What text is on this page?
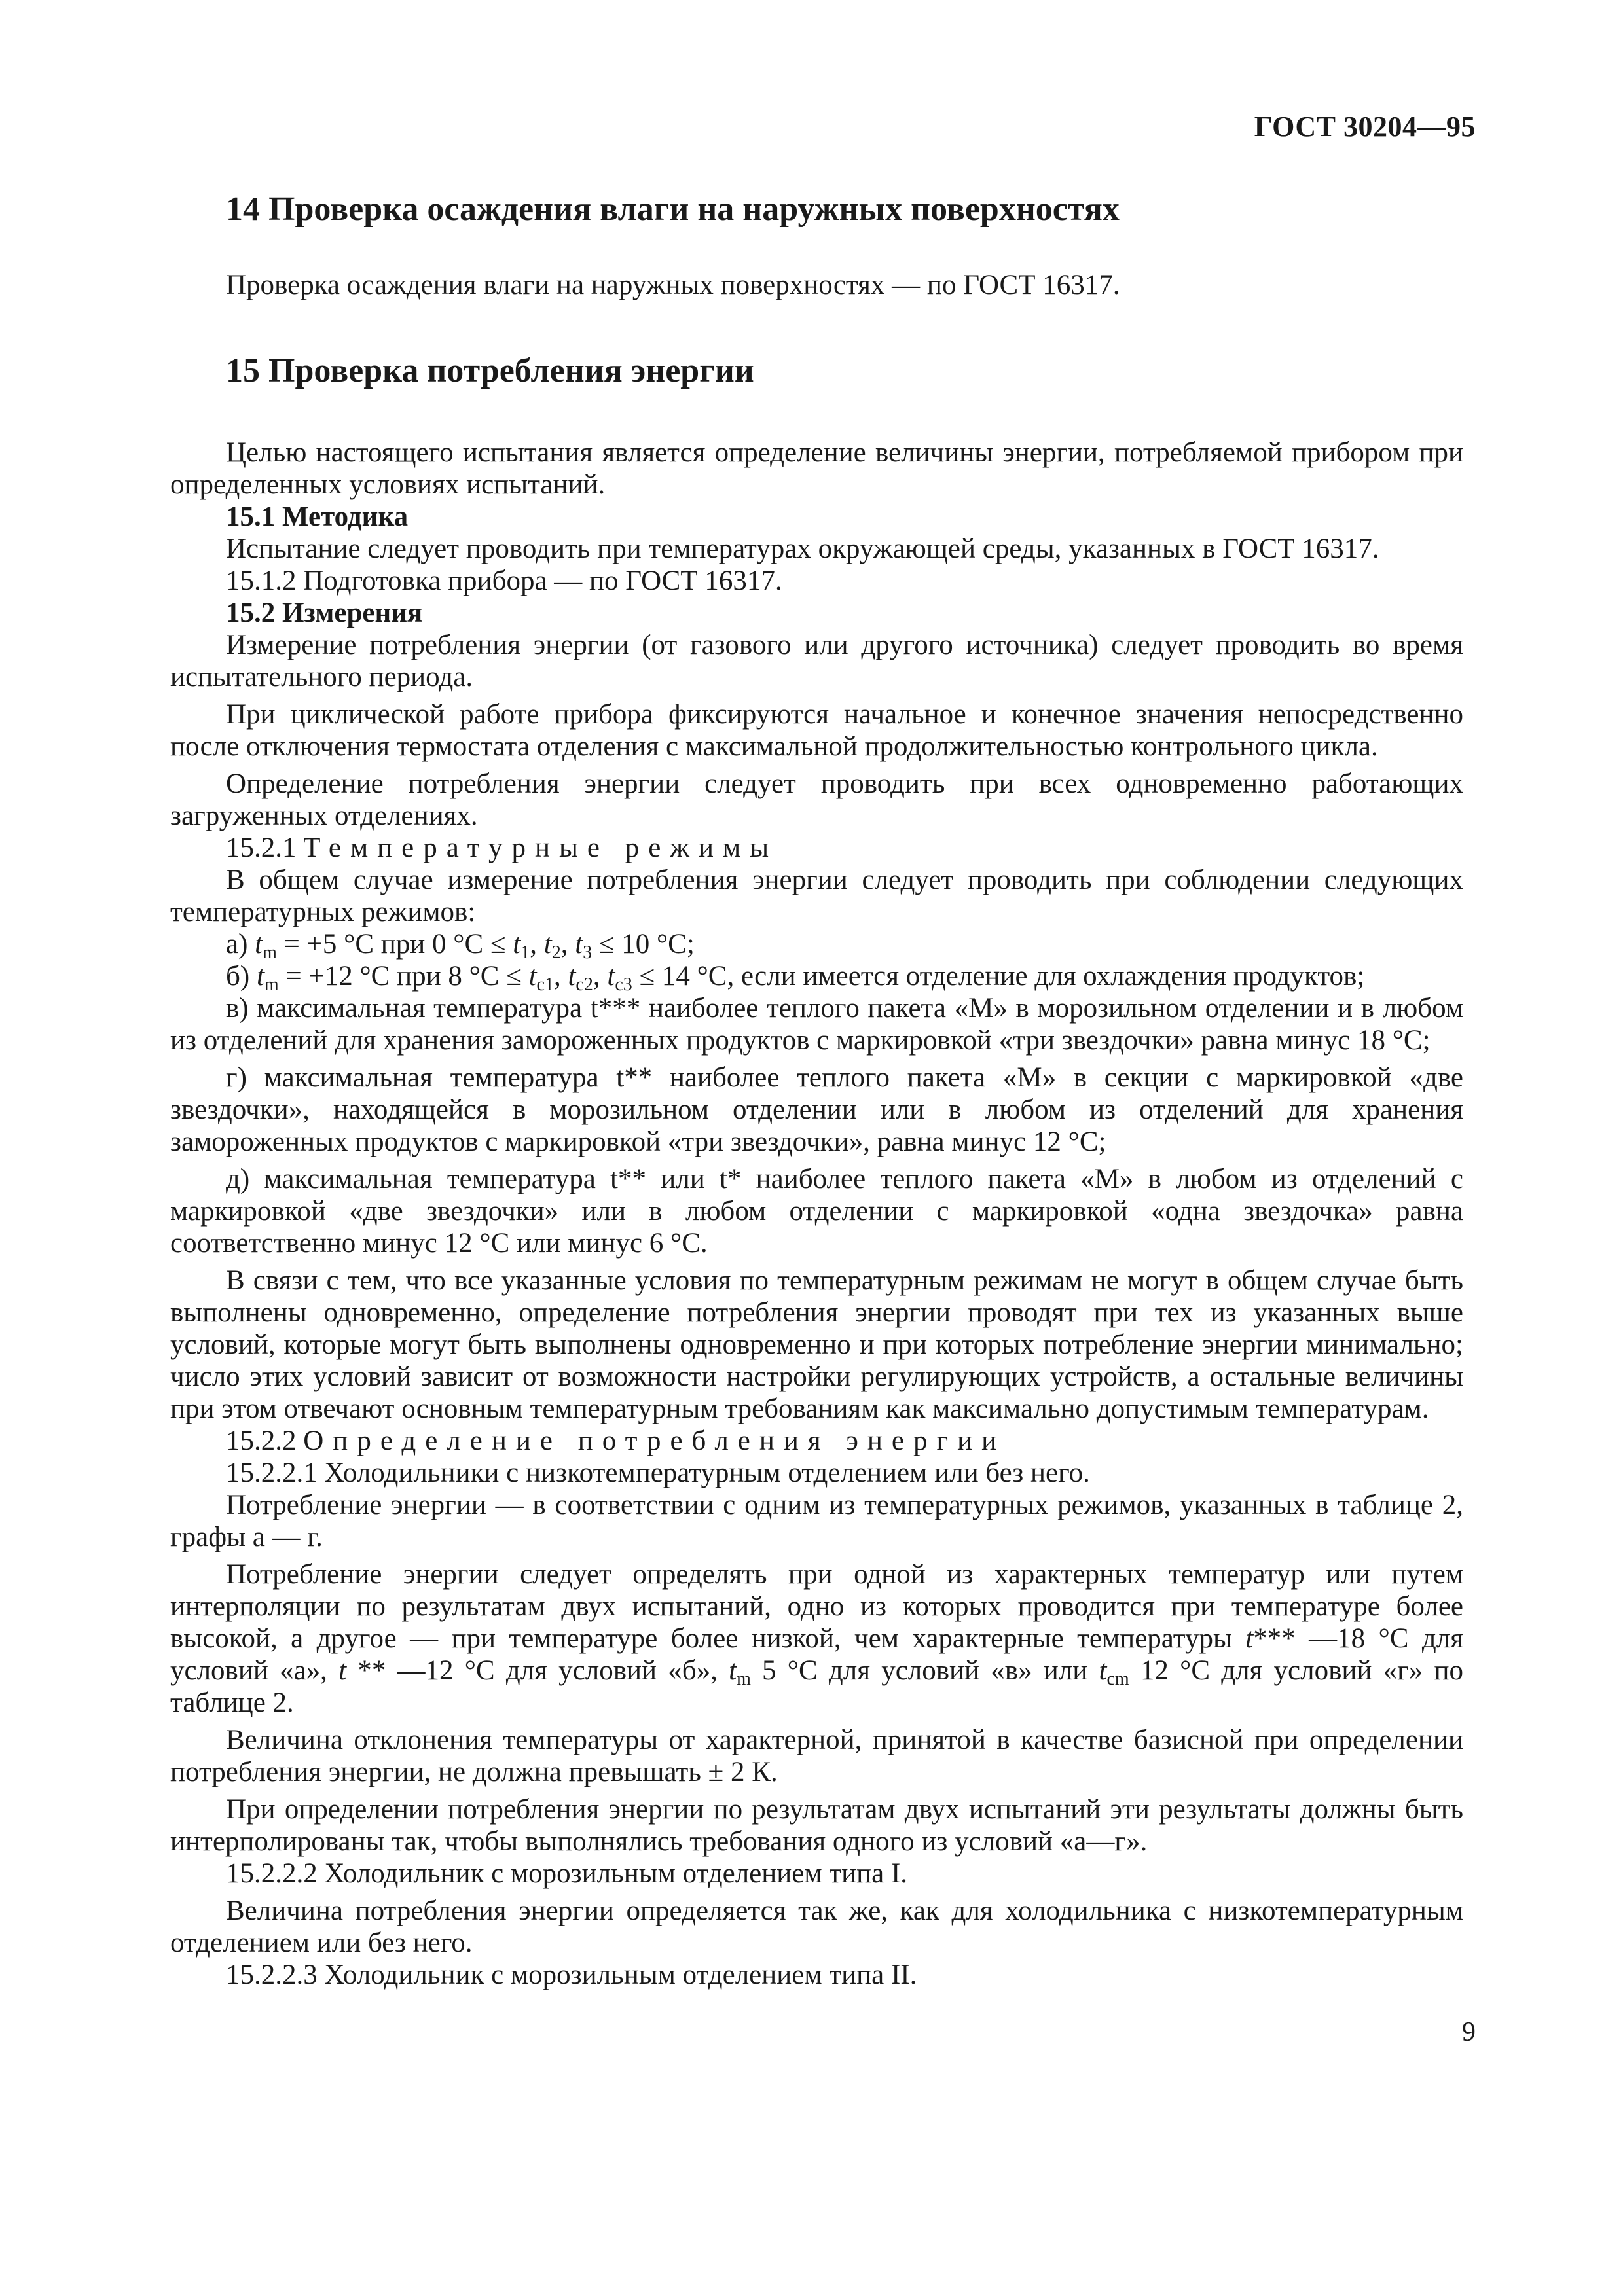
ГОСТ 30204—95
14 Проверка осаждения влаги на наружных поверхностях
Проверка осаждения влаги на наружных поверхностях — по ГОСТ 16317.
15 Проверка потребления энергии

Целью настоящего испытания является определение величины энергии, потребляемой прибором при определенных условиях испытаний.

15.1 Методика

Испытание следует проводить при температурах окружающей среды, указанных в ГОСТ 16317.

15.1.2 Подготовка прибора — по ГОСТ 16317.

15.2 Измерения

Измерение потребления энергии (от газового или другого источника) следует проводить во время испытательного периода.

При циклической работе прибора фиксируются начальное и конечное значения непосредственно после отключения термостата отделения с максимальной продолжительностью контрольного цикла.

Определение потребления энергии следует проводить при всех одновременно работающих загруженных отделениях.

15.2.1 Температурные режимы

В общем случае измерение потребления энергии следует проводить при соблюдении следующих температурных режимов:

а) $t_m = +5$ °С при 0 $^\circ С \le t_1$, $t_2$, $t_3 \le 10$ °С;

б) $t_m = +12$ °С при 8 $^\circ С \le t_{c1}$, $t_{c2}$, $t_{c3} \le 14$ °С, если имеется отделение для охлаждения продуктов;

в) максимальная температура t*** наиболее теплого пакета «М» в морозильном отделении и в любом из отделений для хранения замороженных продуктов с маркировкой «три звездочки» равна минус 18 °С;

г) максимальная температура t** наиболее теплого пакета «М» в секции с маркировкой «две звездочки», находящейся в морозильном отделении или в любом из отделений для хранения замороженных продуктов с маркировкой «три звездочки», равна минус 12 °С;

д) максимальная температура t** или t* наиболее теплого пакета «М» в любом из отделений с маркировкой «две звездочки» или в любом отделении с маркировкой «одна звездочка» равна соответственно минус 12 °С или минус 6 °С.

В связи с тем, что все указанные условия по температурным режимам не могут в общем случае быть выполнены одновременно, определение потребления энергии проводят при тех из указанных выше условий, которые могут быть выполнены одновременно и при которых потребление энергии минимально; число этих условий зависит от возможности настройки регулирующих устройств, а остальные величины при этом отвечают основным температурным требованиям как максимально допустимым температурам.

15.2.2 Определение потребления энергии

15.2.2.1 Холодильники с низкотемпературным отделением или без него.

Потребление энергии — в соответствии с одним из температурных режимов, указанных в таблице 2, графы а — г.

Потребление энергии следует определять при одной из характерных температур или путем интерполяции по результатам двух испытаний, одно из которых проводится при температуре более высокой, а другое — при температуре более низкой, чем характерные температуры t*** —18 °С для условий «а», t ** —12 °С для условий «б», $t_m$ 5 °С для условий «в» или $t_{cm}$ 12 °С для условий «г» по таблице 2.

Величина отклонения температуры от характерной, принятой в качестве базисной при определении потребления энергии, не должна превышать ± 2 К.

При определении потребления энергии по результатам двух испытаний эти результаты должны быть интерполированы так, чтобы выполнялись требования одного из условий «а—г».

15.2.2.2 Холодильник с морозильным отделением типа I.

Величина потребления энергии определяется так же, как для холодильника с низкотемпературным отделением или без него.

15.2.2.3 Холодильник с морозильным отделением типа II.

9
